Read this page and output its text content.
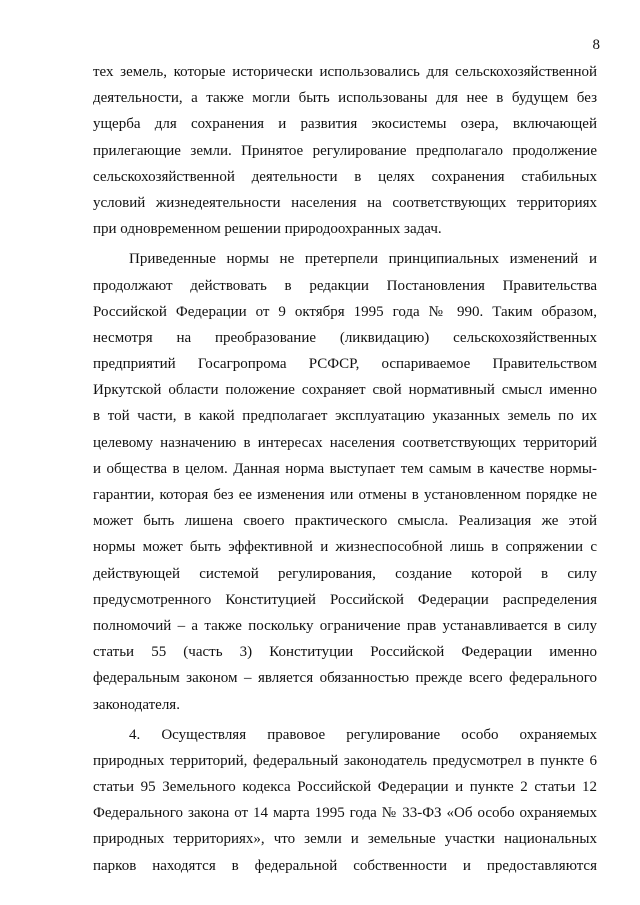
8
тех земель, которые исторически использовались для сельскохозяйственной
деятельности, а также могли быть использованы для нее в будущем без
ущерба для сохранения и развития экосистемы озера, включающей
прилегающие земли. Принятое регулирование предполагало продолжение
сельскохозяйственной деятельности в целях сохранения стабильных
условий жизнедеятельности населения на соответствующих территориях
при одновременном решении природоохранных задач.
Приведенные нормы не претерпели принципиальных изменений и
продолжают действовать в редакции Постановления Правительства
Российской Федерации от 9 октября 1995 года № 990. Таким образом,
несмотря на преобразование (ликвидацию) сельскохозяйственных
предприятий Госагропрома РСФСР, оспариваемое Правительством
Иркутской области положение сохраняет свой нормативный смысл именно
в той части, в какой предполагает эксплуатацию указанных земель по их
целевому назначению в интересах населения соответствующих территорий
и общества в целом. Данная норма выступает тем самым в качестве нормы-
гарантии, которая без ее изменения или отмены в установленном порядке не
может быть лишена своего практического смысла. Реализация же этой
нормы может быть эффективной и жизнеспособной лишь в сопряжении с
действующей системой регулирования, создание которой в силу
предусмотренного Конституцией Российской Федерации распределения
полномочий – а также поскольку ограничение прав устанавливается в силу
статьи 55 (часть 3) Конституции Российской Федерации именно
федеральным законом – является обязанностью прежде всего федерального
законодателя.
4. Осуществляя правовое регулирование особо охраняемых
природных территорий, федеральный законодатель предусмотрел в пункте 6
статьи 95 Земельного кодекса Российской Федерации и пункте 2 статьи 12
Федерального закона от 14 марта 1995 года № 33-ФЗ «Об особо охраняемых
природных территориях», что земли и земельные участки национальных
парков находятся в федеральной собственности и предоставляются
